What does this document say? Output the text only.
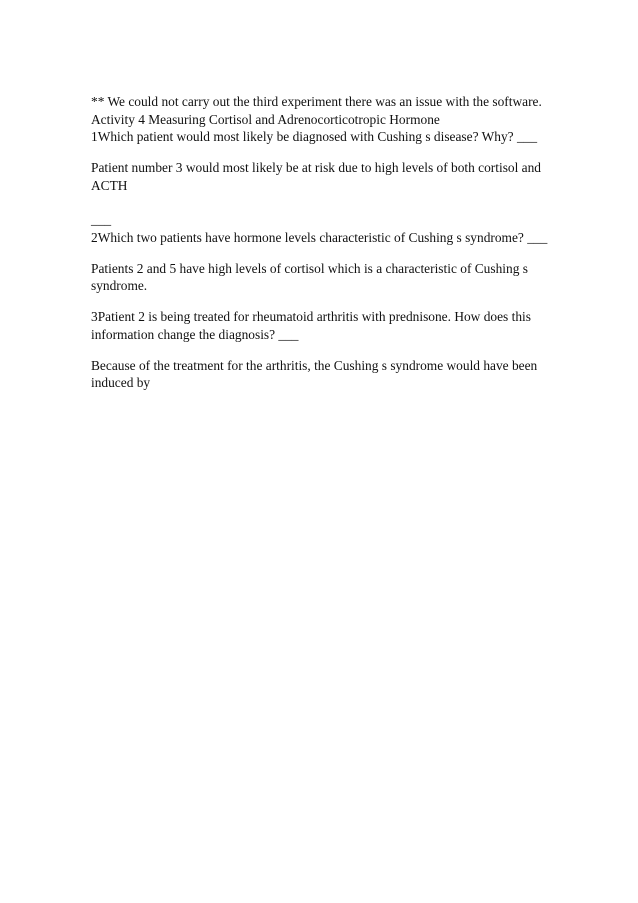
** We could not carry out the third experiment there was an issue with the software.

Activity 4 Measuring Cortisol and Adrenocorticotropic Hormone

1Which patient would most likely be diagnosed with Cushing s disease? Why? ___

Patient number 3 would most likely be at risk due to high levels of both cortisol and

ACTH

___

2Which two patients have hormone levels characteristic of Cushing s syndrome? ___

Patients 2 and 5 have high levels of cortisol which is a characteristic of Cushing s

syndrome.

3Patient 2 is being treated for rheumatoid arthritis with prednisone. How does this

information change the diagnosis? ___

Because of the treatment for the arthritis, the Cushing s syndrome would have been

induced by
